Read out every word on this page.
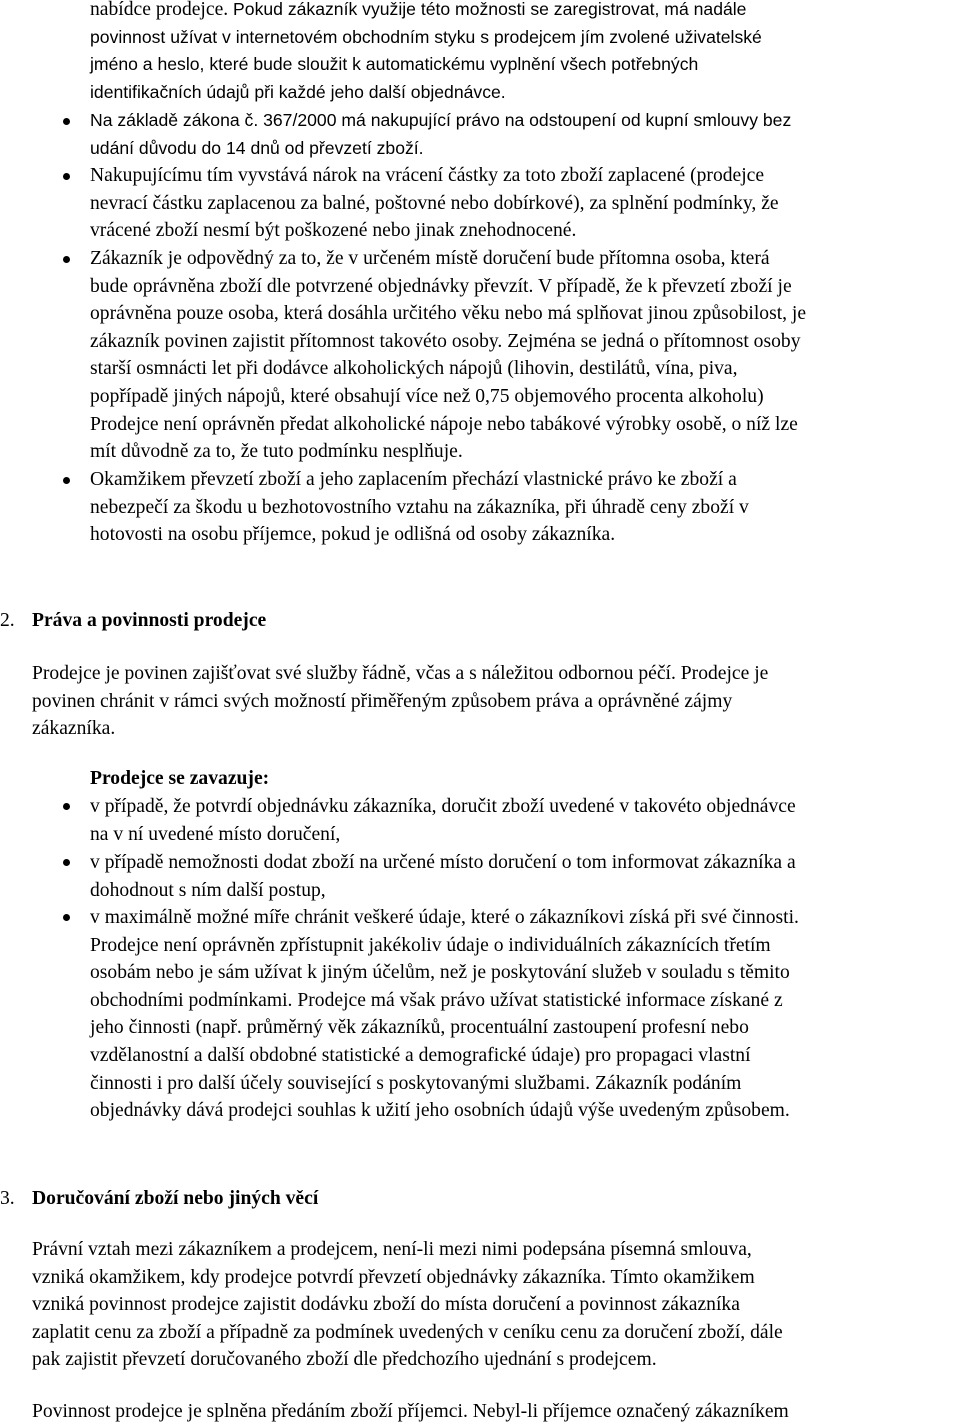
nabídce prodejce. Pokud zákazník využije této možnosti se zaregistrovat, má nadále
povinnost užívat v internetovém obchodním styku s prodejcem jím zvolené uživatelské
jméno a heslo, které bude sloužit k automatickému vyplnění všech potřebných
identifikačních údajů při každé jeho další objednávce.
Na základě zákona č. 367/2000 má nakupující právo na odstoupení od kupní smlouvy bez
udání důvodu do 14 dnů od převzetí zboží.
Nakupujícímu tím vyvstává nárok na vrácení částky za toto zboží zaplacené (prodejce
nevrací částku zaplacenou za balné, poštovné nebo dobírkové), za splnění podmínky, že
vrácené zboží nesmí být poškozené nebo jinak znehodnocené.
Zákazník je odpovědný za to, že v určeném místě doručení bude přítomna osoba, která
bude oprávněna zboží dle potvrzené objednávky převzít. V případě, že k převzetí zboží je
oprávněna pouze osoba, která dosáhla určitého věku nebo má splňovat jinou způsobilost, je
zákazník povinen zajistit přítomnost takovéto osoby. Zejména se jedná o přítomnost osoby
starší osmnácti let při dodávce alkoholických nápojů (lihovin, destilátů, vína, piva,
popřípadě jiných nápojů, které obsahují více než 0,75 objemového procenta alkoholu)
Prodejce není oprávněn předat alkoholické nápoje nebo tabákové výrobky osobě, o níž lze
mít důvodně za to, že tuto podmínku nesplňuje.
Okamžikem převzetí zboží a jeho zaplacením přechází vlastnické právo ke zboží a
nebezpečí za škodu u bezhotovostního vztahu na zákazníka, při úhradě ceny zboží v
hotovosti na osobu příjemce, pokud je odlišná od osoby zákazníka.
2. Práva a povinnosti prodejce
Prodejce je povinen zajišťovat své služby řádně, včas a s náležitou odbornou péčí. Prodejce je
povinen chránit v rámci svých možností přiměřeným způsobem práva a oprávněné zájmy
zákazníka.
Prodejce se zavazuje:
v případě, že potvrdí objednávku zákazníka, doručit zboží uvedené v takovéto objednávce
na v ní uvedené místo doručení,
v případě nemožnosti dodat zboží na určené místo doručení o tom informovat zákazníka a
dohodnout s ním další postup,
v maximálně možné míře chránit veškeré údaje, které o zákazníkovi získá při své činnosti.
Prodejce není oprávněn zpřístupnit jakékoliv údaje o individuálních zákaznících třetím
osobám nebo je sám užívat k jiným účelům, než je poskytování služeb v souladu s těmito
obchodními podmínkami. Prodejce má však právo užívat statistické informace získané z
jeho činnosti (např. průměrný věk zákazníků, procentuální zastoupení profesní nebo
vzdělanostní a další obdobné statistické a demografické údaje) pro propagaci vlastní
činnosti i pro další účely související s poskytovanými službami. Zákazník podáním
objednávky dává prodejci souhlas k užití jeho osobních údajů výše uvedeným způsobem.
3. Doručování zboží nebo jiných věcí
Právní vztah mezi zákazníkem a prodejcem, není-li mezi nimi podepsána písemná smlouva,
vzniká okamžikem, kdy prodejce potvrdí převzetí objednávky zákazníka. Tímto okamžikem
vzniká povinnost prodejce zajistit dodávku zboží do místa doručení a povinnost zákazníka
zaplatit cenu za zboží a případně za podmínek uvedených v ceníku cenu za doručení zboží, dále
pak zajistit převzetí doručovaného zboží dle předchozího ujednání s prodejcem.
Povinnost prodejce je splněna předáním zboží příjemci. Nebyl-li příjemce označený zákazníkem
